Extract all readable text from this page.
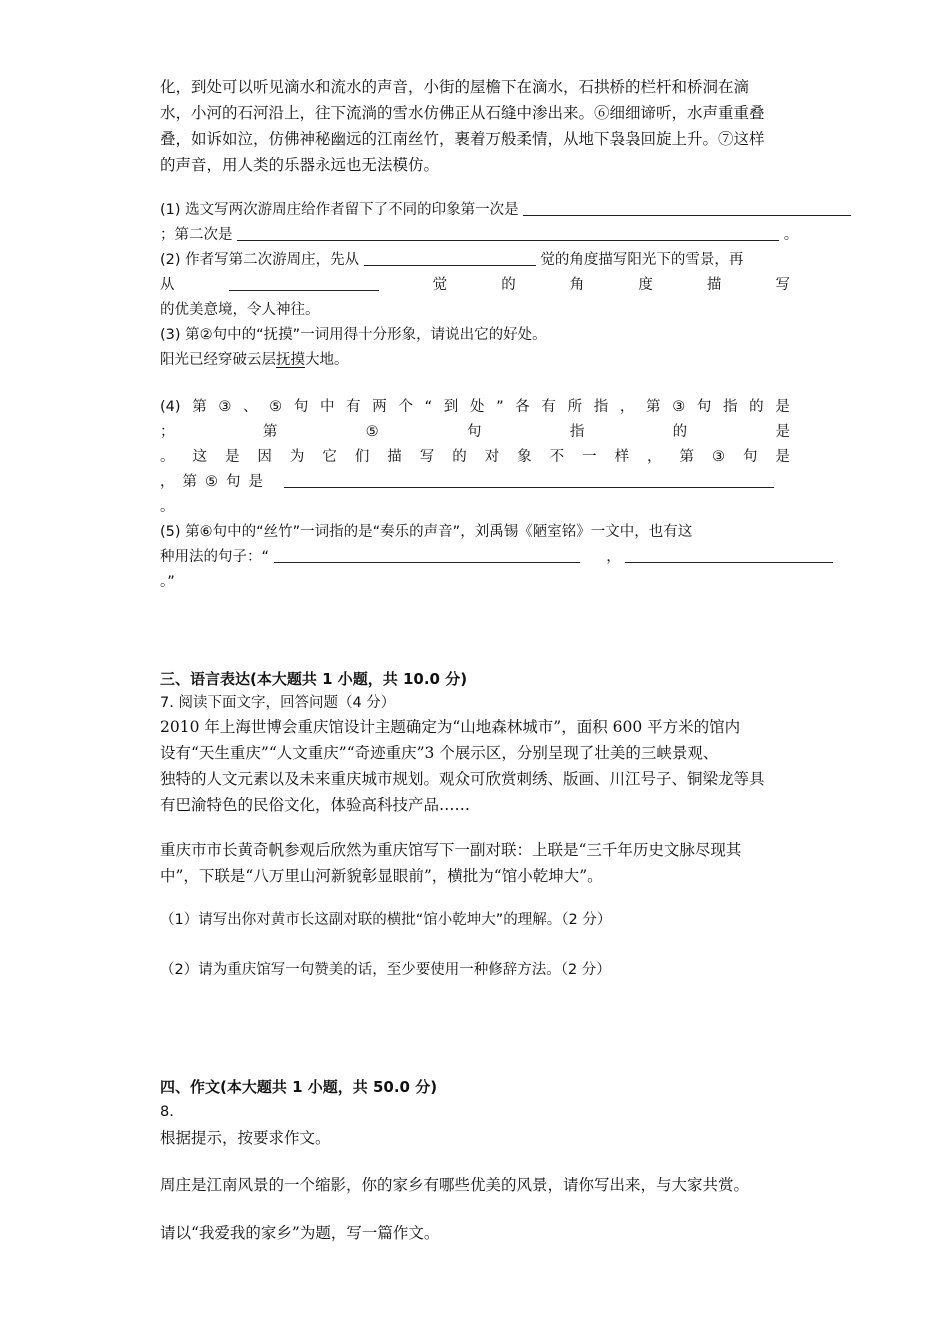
化，到处可以听见滴水和流水的声音，小街的屋檐下在滴水，石拱桥的栏杆和桥洞在滴
水，小河的石河沿上，往下流淌的雪水仿佛正从石缝中渗出来。⑥细细谛听，水声重重叠
叠，如诉如泣，仿佛神秘幽远的江南丝竹，裹着万般柔情，从地下袅袅回旋上升。⑦这样
的声音，用人类的乐器永远也无法模仿。
(1) 选文写两次游周庄给作者留下了不同的印象第一次是
；第二次是	。
(2) 作者写第二次游周庄，先从	觉的角度描写阳光下的雪景，再
从	觉	的	角	度	描	写
的优美意境，令人神往。
(3) 第②句中的“抚摸”一词用得十分形象，请说出它的好处。
阳光已经穿破云层抚摸大地。
(4) 第 ③ 、 ⑤ 句 中 有 两 个 “ 到 处 ” 各 有 所 指 ， 第 ③ 句 指 的 是
；	第	⑤	句	指	的	是
。 这 是 因 为 它 们 描 写 的 对 象 不 一 样 ， 第 ③ 句 是
，第⑤句是
。
(5) 第⑥句中的“丝竹”一词指的是“奏乐的声音”，刘禹锡《陋室铭》一文中，也有这
种用法的句子：“	，
。”
三、语言表达(本大题共 1 小题，共 10.0 分)
7. 阅读下面文字，回答问题（4 分）
2010 年上海世博会重庆馆设计主题确定为“山地森林城市”，面积 600 平方米的馆内
设有“天生重庆”“人文重庆”“奇迹重庆”3 个展示区，分别呈现了壮美的三峡景观、
独特的人文元素以及未来重庆城市规划。观众可欣赏刺绣、版画、川江号子、铜梁龙等具
有巴渝特色的民俗文化，体验高科技产品……
重庆市市长黄奇帆参观后欣然为重庆馆写下一副对联：上联是“三千年历史文脉尽现其
中”，下联是“八万里山河新貌彰显眼前”，横批为“馆小乾坤大”。
（1）请写出你对黄市长这副对联的横批“馆小乾坤大”的理解。（2 分）
（2）请为重庆馆写一句赞美的话，至少要使用一种修辞方法。（2 分）
四、作文(本大题共 1 小题，共 50.0 分)
8.
根据提示，按要求作文。
周庄是江南风景的一个缩影，你的家乡有哪些优美的风景，请你写出来，与大家共赏。
请以“我爱我的家乡”为题，写一篇作文。
